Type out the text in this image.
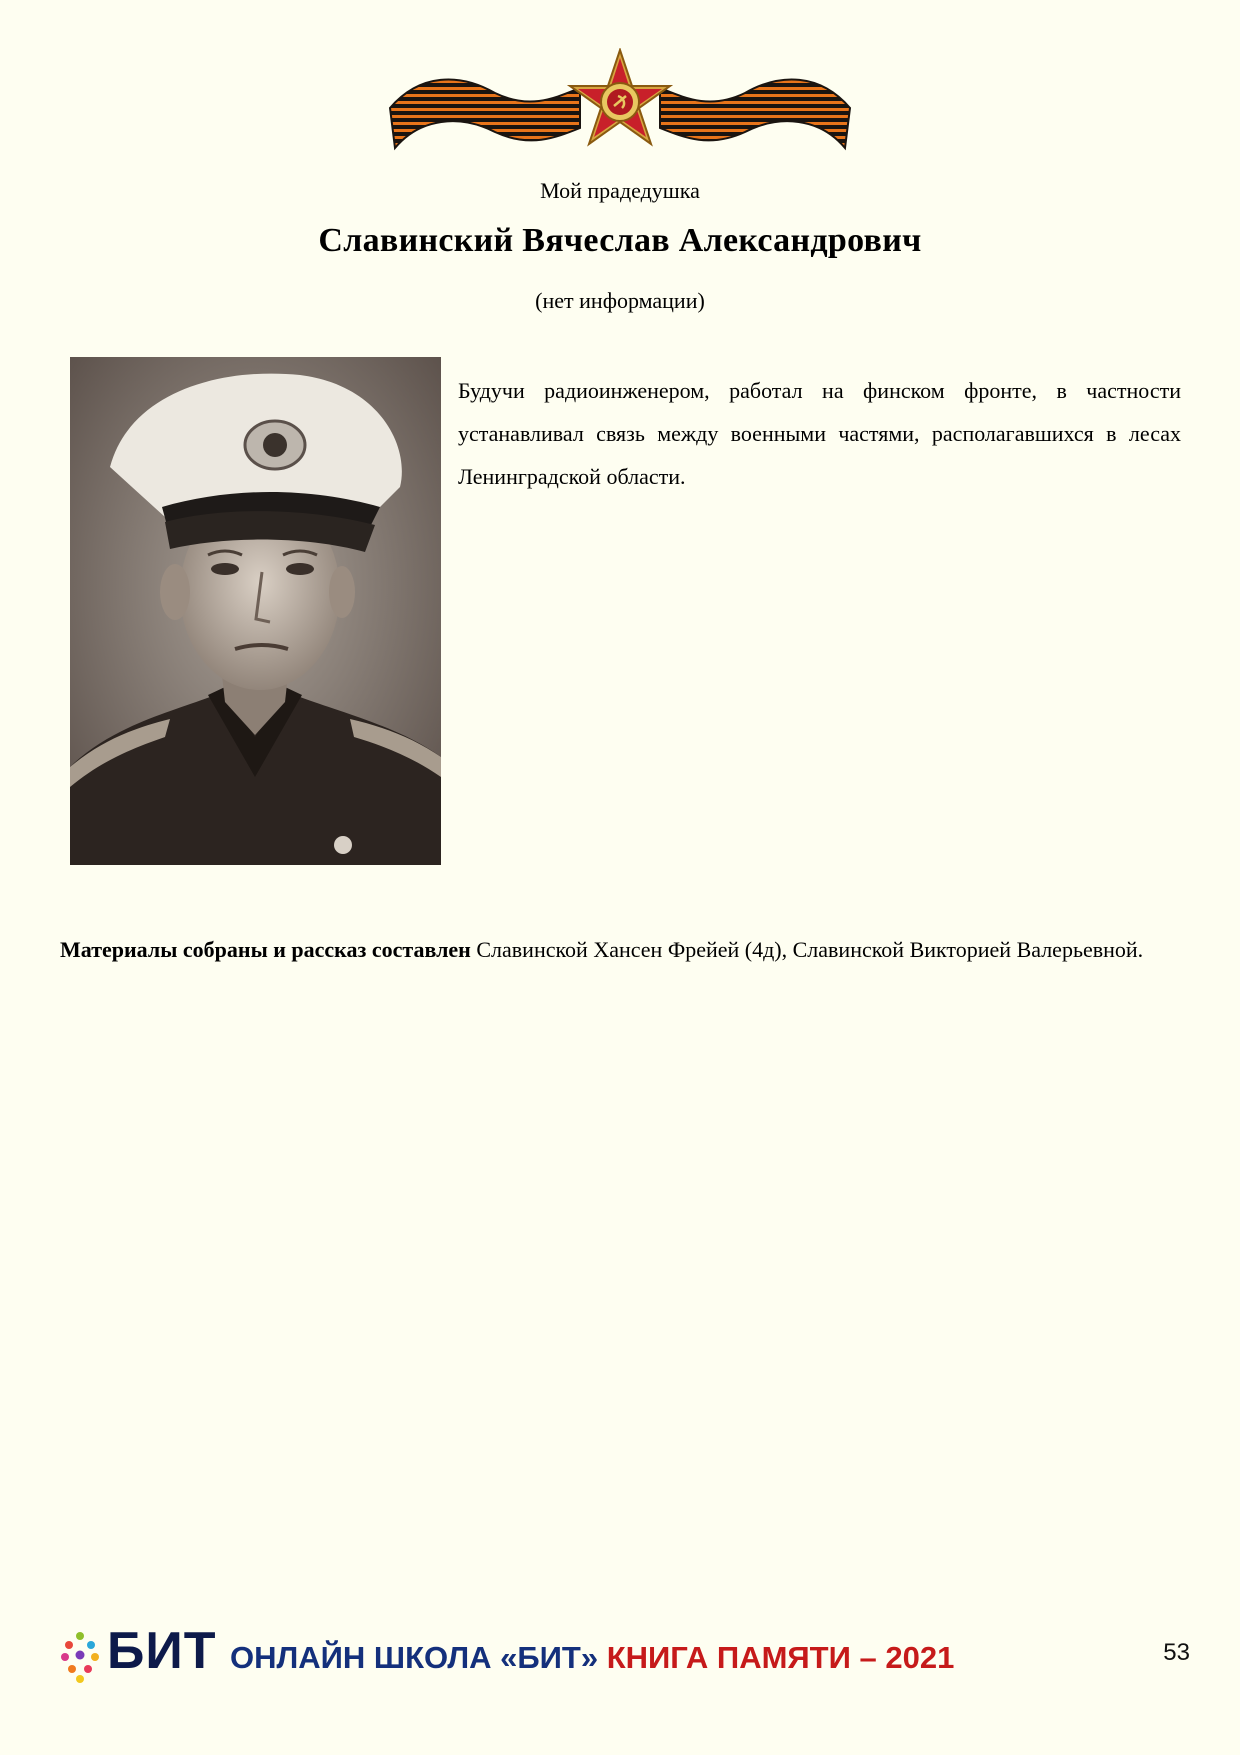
Мой прадедушка
Славинский Вячеслав Александрович
(нет информации)

Будучи радиоинженером, работал на финском фронте, в частности устанавливал связь между военными частями, располагавшихся в лесах Ленинградской области.

Материалы собраны и рассказ составлен Славинской Хансен Фрейей (4д), Славинской Викторией Валерьевной.

БИТ ОНЛАЙН ШКОЛА «БИТ» КНИГА ПАМЯТИ – 2021	53
